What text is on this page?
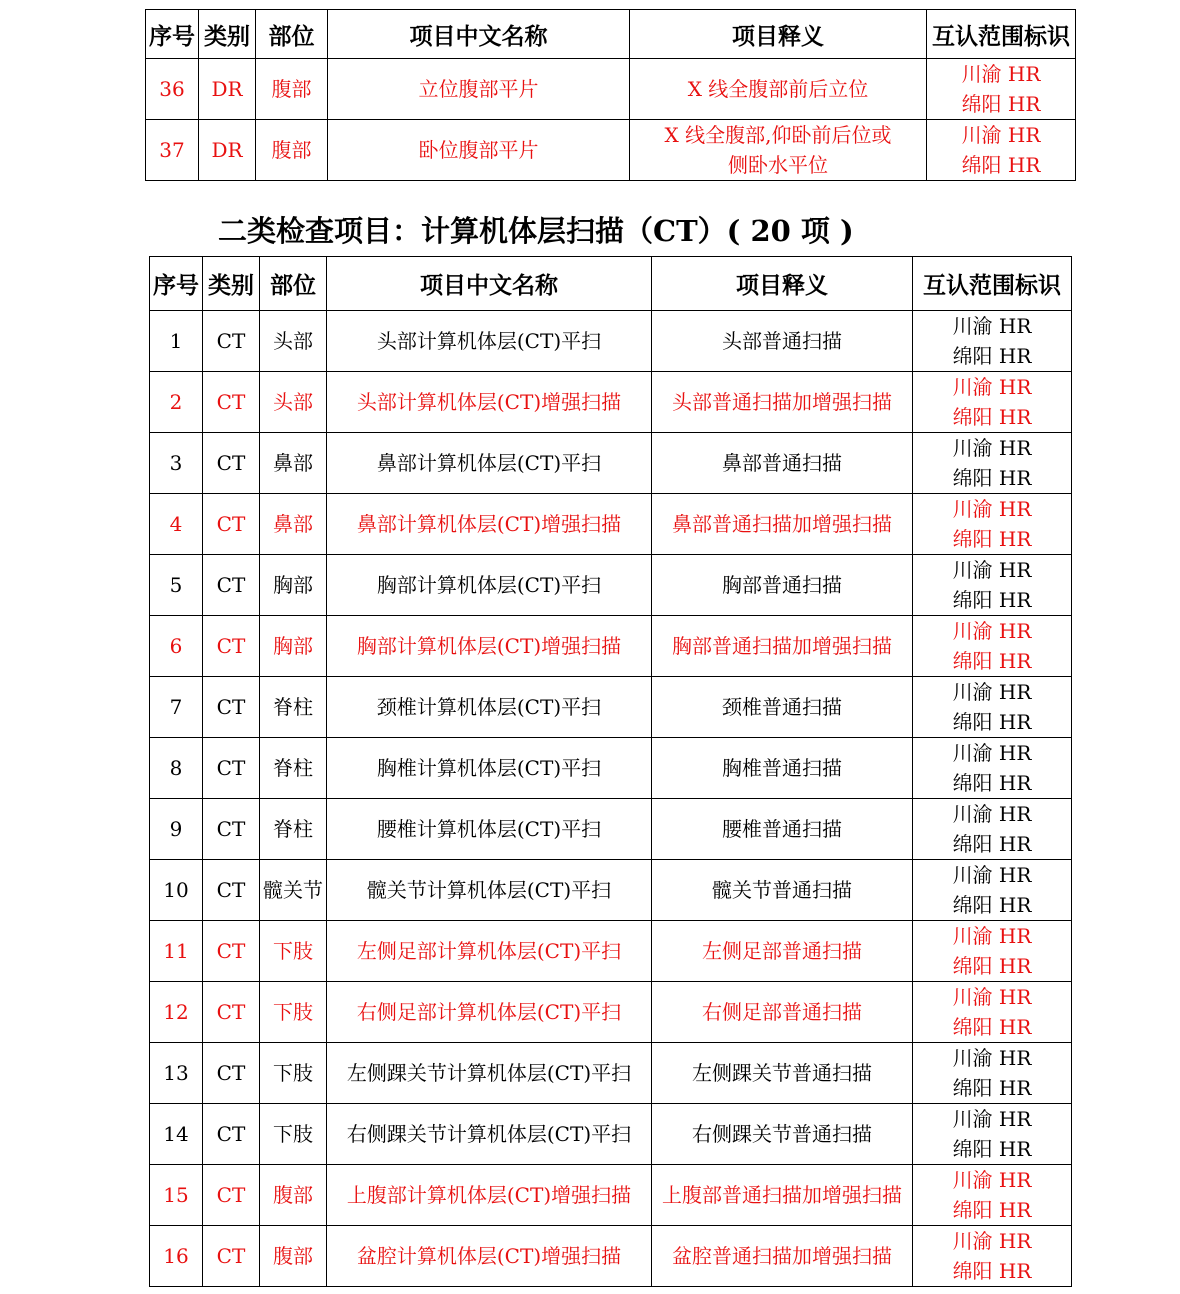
序号	类别	部位	项目中文名称	项目释义	互认范围标识
36	DR	腹部	立位腹部平片	X 线全腹部前后立位	川渝 HR
绵阳 HR

37	DR	腹部	卧位腹部平片	X 线全腹部,仰卧前后位或
侧卧水平位	川渝 HR
绵阳 HR
二类检查项目：计算机体层扫描（CT）( 20 项 )
序号	类别	部位	项目中文名称	项目释义	互认范围标识
1	CT	头部	头部计算机体层(CT)平扫	头部普通扫描	川渝 HR
绵阳 HR

2	CT	头部	头部计算机体层(CT)增强扫描	头部普通扫描加增强扫描	川渝 HR
绵阳 HR

3	CT	鼻部	鼻部计算机体层(CT)平扫	鼻部普通扫描	川渝 HR
绵阳 HR

4	CT	鼻部	鼻部计算机体层(CT)增强扫描	鼻部普通扫描加增强扫描	川渝 HR
绵阳 HR

5	CT	胸部	胸部计算机体层(CT)平扫	胸部普通扫描	川渝 HR
绵阳 HR

6	CT	胸部	胸部计算机体层(CT)增强扫描	胸部普通扫描加增强扫描	川渝 HR
绵阳 HR

7	CT	脊柱	颈椎计算机体层(CT)平扫	颈椎普通扫描	川渝 HR
绵阳 HR

8	CT	脊柱	胸椎计算机体层(CT)平扫	胸椎普通扫描	川渝 HR
绵阳 HR

9	CT	脊柱	腰椎计算机体层(CT)平扫	腰椎普通扫描	川渝 HR
绵阳 HR

10	CT	髋关节	髋关节计算机体层(CT)平扫	髋关节普通扫描	川渝 HR
绵阳 HR

11	CT	下肢	左侧足部计算机体层(CT)平扫	左侧足部普通扫描	川渝 HR
绵阳 HR

12	CT	下肢	右侧足部计算机体层(CT)平扫	右侧足部普通扫描	川渝 HR
绵阳 HR

13	CT	下肢	左侧踝关节计算机体层(CT)平扫	左侧踝关节普通扫描	川渝 HR
绵阳 HR

14	CT	下肢	右侧踝关节计算机体层(CT)平扫	右侧踝关节普通扫描	川渝 HR
绵阳 HR

15	CT	腹部	上腹部计算机体层(CT)增强扫描	上腹部普通扫描加增强扫描	川渝 HR
绵阳 HR

16	CT	腹部	盆腔计算机体层(CT)增强扫描	盆腔普通扫描加增强扫描	川渝 HR
绵阳 HR
